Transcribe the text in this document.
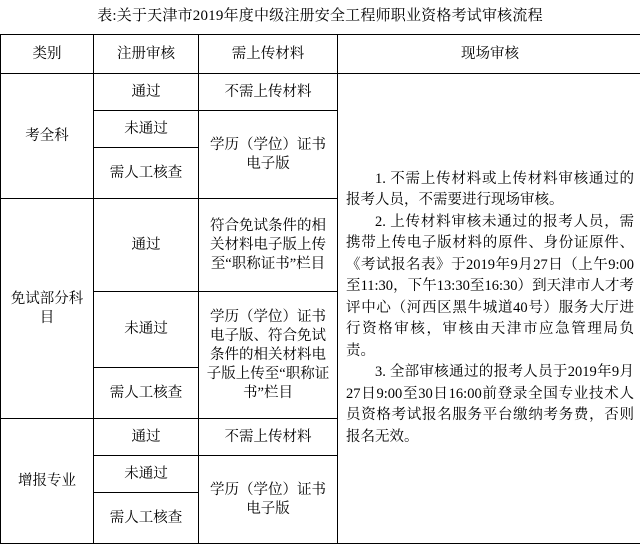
表:关于天津市2019年度中级注册安全工程师职业资格考试审核流程
类别	注册审核	需上传材料	现场审核
考全科	通过	不需上传材料	1. 不需上传材料或上传材料审核通过的报考人员，不需要进行现场审核。

2. 上传材料审核未通过的报考人员，需携带上传电子版材料的原件、身份证原件、《考试报名表》于2019年9月27日（上午9:00至11:30，下午13:30至16:30）到天津市人才考评中心（河西区黑牛城道40号）服务大厅进行资格审核，审核由天津市应急管理局负责。

3. 全部审核通过的报考人员于2019年9月27日9:00至30日16:00前登录全国专业技术人员资格考试报名服务平台缴纳考务费，否则报名无效。

	未通过	学历（学位）证书电子版	
	需人工核查		
免试部分科目	通过	符合免试条件的相关材料电子版上传至“职称证书”栏目	
	未通过	学历（学位）证书电子版、符合免试条件的相关材料电子版上传至“职称证书”栏目	
	需人工核查		
增报专业	通过	不需上传材料	
	未通过	学历（学位）证书电子版	
	需人工核查		
